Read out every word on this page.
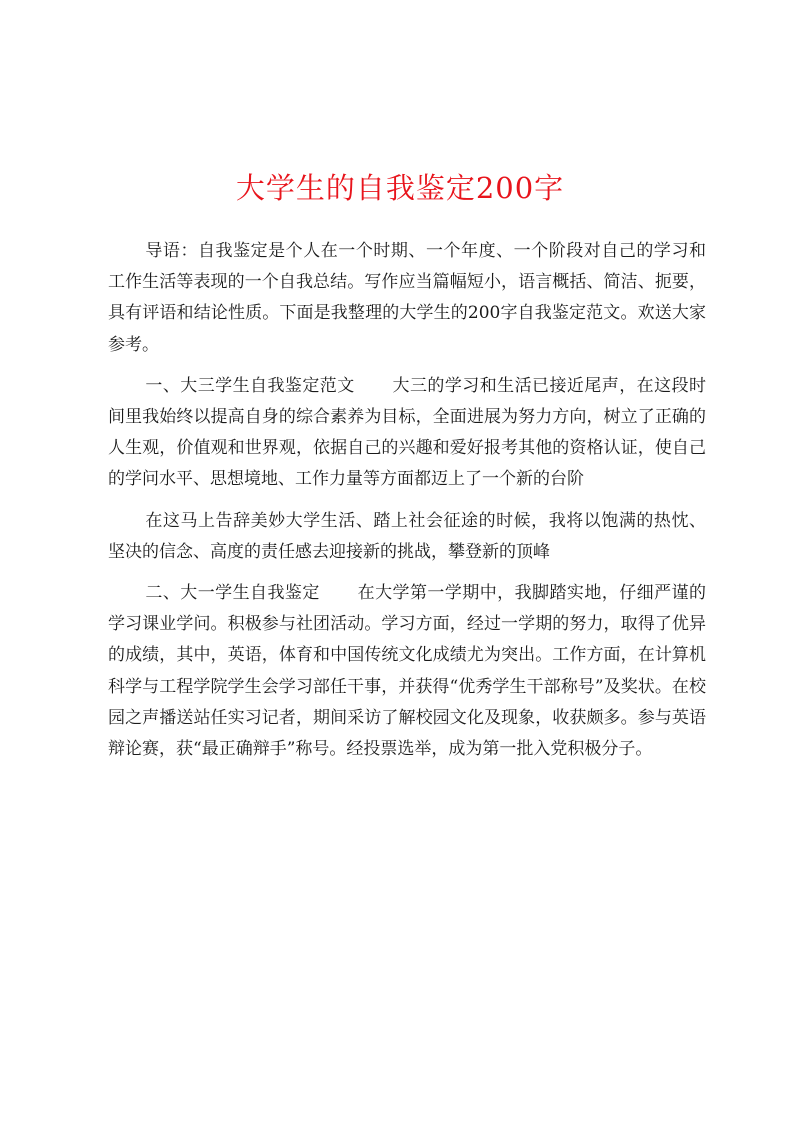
大学生的自我鉴定200字

导语：自我鉴定是个人在一个时期、一个年度、一个阶段对自己的学习和工作生活等表现的一个自我总结。写作应当篇幅短小，语言概括、简洁、扼要，具有评语和结论性质。下面是我整理的大学生的200字自我鉴定范文。欢送大家参考。

一、大三学生自我鉴定范文 大三的学习和生活已接近尾声，在这段时间里我始终以提高自身的综合素养为目标，全面进展为努力方向，树立了正确的人生观，价值观和世界观，依据自己的兴趣和爱好报考其他的资格认证，使自己的学问水平、思想境地、工作力量等方面都迈上了一个新的台阶

在这马上告辞美妙大学生活、踏上社会征途的时候，我将以饱满的热忱、坚决的信念、高度的责任感去迎接新的挑战，攀登新的顶峰

二、大一学生自我鉴定 在大学第一学期中，我脚踏实地，仔细严谨的学习课业学问。积极参与社团活动。学习方面，经过一学期的努力，取得了优异的成绩，其中，英语，体育和中国传统文化成绩尤为突出。工作方面，在计算机科学与工程学院学生会学习部任干事，并获得“优秀学生干部称号”及奖状。在校园之声播送站任实习记者，期间采访了解校园文化及现象，收获颇多。参与英语辩论赛，获“最正确辩手”称号。经投票选举，成为第一批入党积极分子。
